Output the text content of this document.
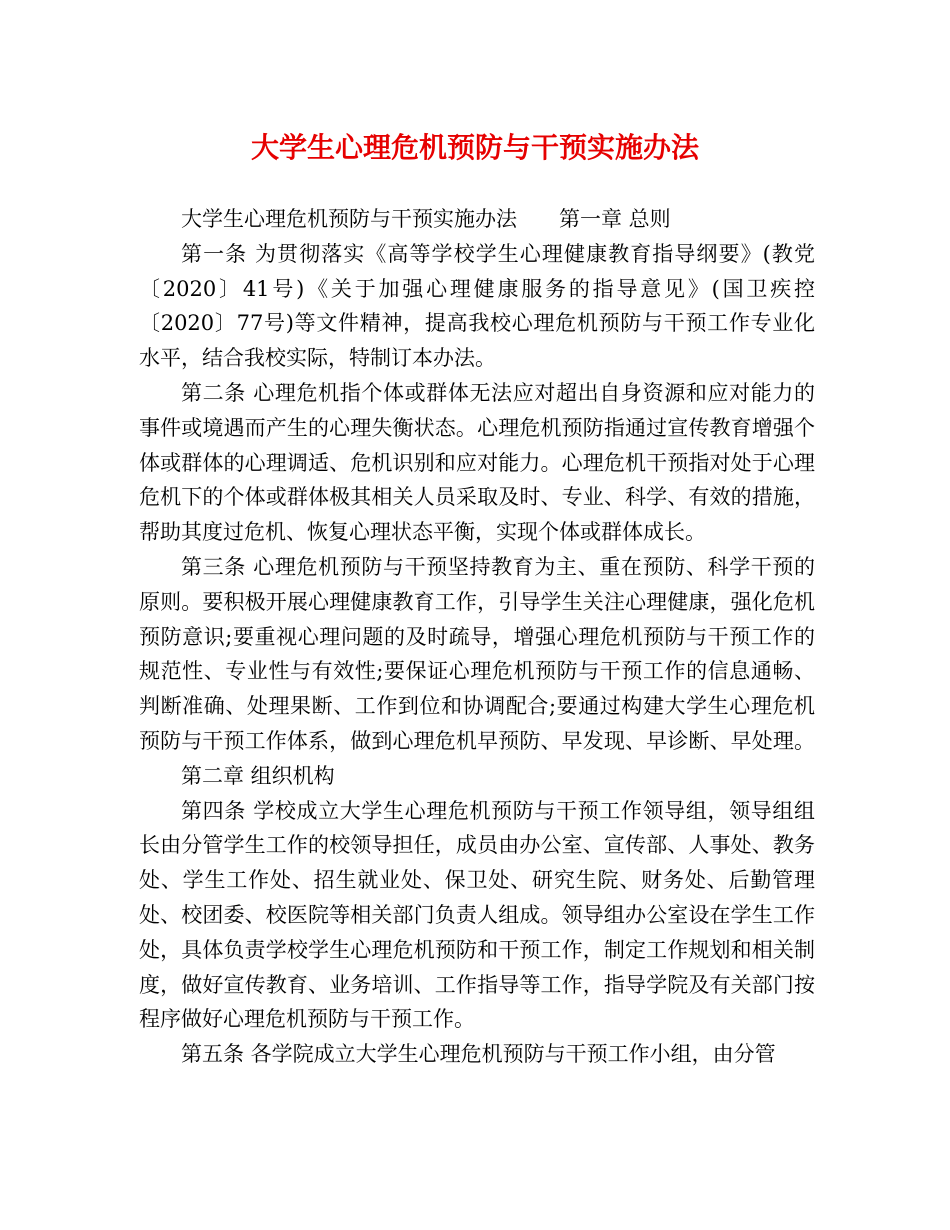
大学生心理危机预防与干预实施办法

大学生心理危机预防与干预实施办法 第一章 总则

第一条 为贯彻落实《高等学校学生心理健康教育指导纲要》(教党〔2020〕41号)《关于加强心理健康服务的指导意见》(国卫疾控〔2020〕77号)等文件精神，提高我校心理危机预防与干预工作专业化水平，结合我校实际，特制订本办法。

第二条 心理危机指个体或群体无法应对超出自身资源和应对能力的事件或境遇而产生的心理失衡状态。心理危机预防指通过宣传教育增强个体或群体的心理调适、危机识别和应对能力。心理危机干预指对处于心理危机下的个体或群体极其相关人员采取及时、专业、科学、有效的措施，帮助其度过危机、恢复心理状态平衡，实现个体或群体成长。

第三条 心理危机预防与干预坚持教育为主、重在预防、科学干预的原则。要积极开展心理健康教育工作，引导学生关注心理健康，强化危机预防意识;要重视心理问题的及时疏导，增强心理危机预防与干预工作的规范性、专业性与有效性;要保证心理危机预防与干预工作的信息通畅、判断准确、处理果断、工作到位和协调配合;要通过构建大学生心理危机预防与干预工作体系，做到心理危机早预防、早发现、早诊断、早处理。第二章 组织机构

第四条 学校成立大学生心理危机预防与干预工作领导组，领导组组长由分管学生工作的校领导担任，成员由办公室、宣传部、人事处、教务处、学生工作处、招生就业处、保卫处、研究生院、财务处、后勤管理处、校团委、校医院等相关部门负责人组成。领导组办公室设在学生工作处，具体负责学校学生心理危机预防和干预工作，制定工作规划和相关制度，做好宣传教育、业务培训、工作指导等工作，指导学院及有关部门按程序做好心理危机预防与干预工作。

第五条 各学院成立大学生心理危机预防与干预工作小组，由分管
